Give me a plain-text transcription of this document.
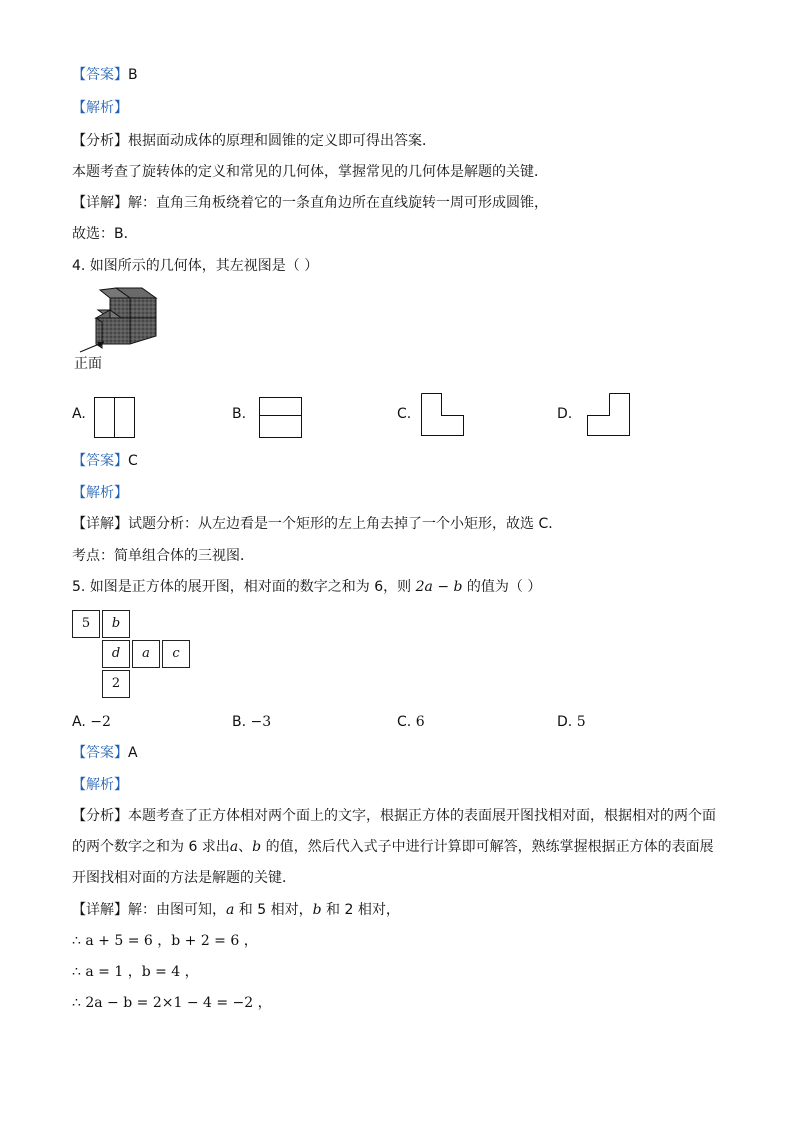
【答案】B
【解析】
【分析】根据面动成体的原理和圆锥的定义即可得出答案．
本题考查了旋转体的定义和常见的几何体，掌握常见的几何体是解题的关键．
【详解】解：直角三角板绕着它的一条直角边所在直线旋转一周可形成圆锥，
故选：B．
4. 如图所示的几何体，其左视图是（ ）
正面
A.	B.	C.	D.
【答案】C
【解析】
【详解】试题分析：从左边看是一个矩形的左上角去掉了一个小矩形，故选 C．
考点：简单组合体的三视图．
5. 如图是正方体的展开图，相对面的数字之和为 6，则 2a − b 的值为（ ）
5	b
d	a	c
2
A. −2	B. −3	C. 6	D. 5
【答案】A
【解析】
【分析】本题考查了正方体相对两个面上的文字，根据正方体的表面展开图找相对面，根据相对的两个面
的两个数字之和为 6 求出a、b 的值，然后代入式子中进行计算即可解答，熟练掌握根据正方体的表面展
开图找相对面的方法是解题的关键．
【详解】解：由图可知，a 和 5 相对，b 和 2 相对，
∴ a + 5 = 6 ，b + 2 = 6 ，
∴ a = 1 ，b = 4 ，
∴ 2a − b = 2×1 − 4 = −2 ，
